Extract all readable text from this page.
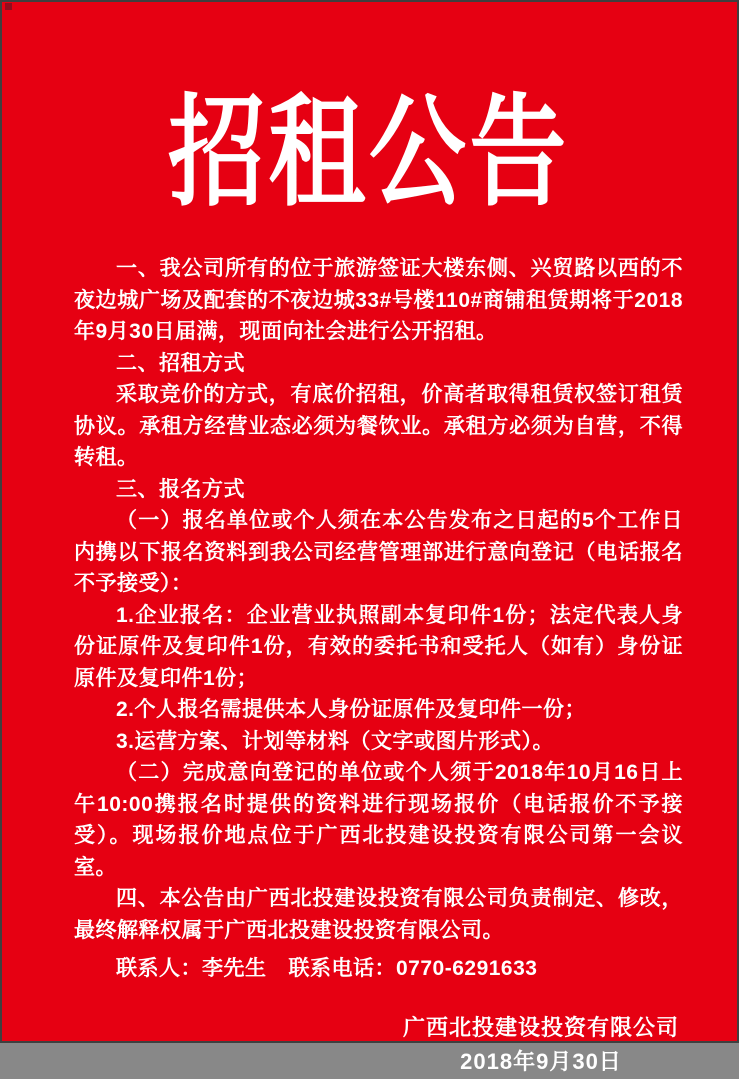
招租公告

一、我公司所有的位于旅游签证大楼东侧、兴贸路以西的不夜边城广场及配套的不夜边城33#号楼110#商铺租赁期将于2018年9月30日届满，现面向社会进行公开招租。

二、招租方式

采取竞价的方式，有底价招租，价高者取得租赁权签订租赁协议。承租方经营业态必须为餐饮业。承租方必须为自营，不得转租。

三、报名方式

（一）报名单位或个人须在本公告发布之日起的5个工作日内携以下报名资料到我公司经营管理部进行意向登记（电话报名不予接受）：

1.企业报名：企业营业执照副本复印件1份；法定代表人身份证原件及复印件1份，有效的委托书和受托人（如有）身份证原件及复印件1份；

2.个人报名需提供本人身份证原件及复印件一份；

3.运营方案、计划等材料（文字或图片形式）。

（二）完成意向登记的单位或个人须于2018年10月16日上午10:00携报名时提供的资料进行现场报价（电话报价不予接受）。现场报价地点位于广西北投建设投资有限公司第一会议室。

四、本公告由广西北投建设投资有限公司负责制定、修改，最终解释权属于广西北投建设投资有限公司。

联系人：李先生 联系电话：0770-6291633

广西北投建设投资有限公司
2018年9月30日
